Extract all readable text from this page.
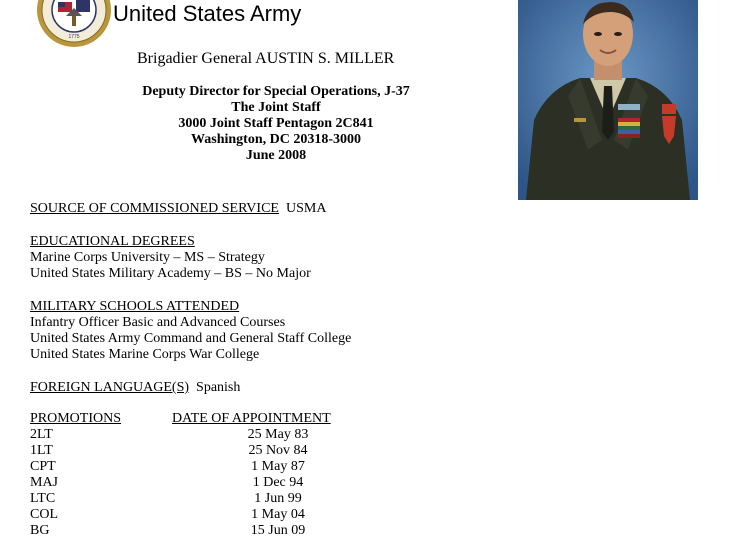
1775
United States Army
Brigadier General AUSTIN S. MILLER
Deputy Director for Special Operations, J-37
The Joint Staff
3000 Joint Staff Pentagon 2C841
Washington, DC 20318-3000
June 2008
SOURCE OF COMMISSIONED SERVICE USMA
EDUCATIONAL DEGREES
Marine Corps University – MS – Strategy
United States Military Academy – BS – No Major
MILITARY SCHOOLS ATTENDED
Infantry Officer Basic and Advanced Courses
United States Army Command and General Staff College
United States Marine Corps War College
FOREIGN LANGUAGE(S) Spanish
PROMOTIONS	DATE OF APPOINTMENT
2LT	25 May 83
1LT	25 Nov 84
CPT	1 May 87
MAJ	1 Dec 94
LTC	1 Jun 99
COL	1 May 04
BG	15 Jun 09
